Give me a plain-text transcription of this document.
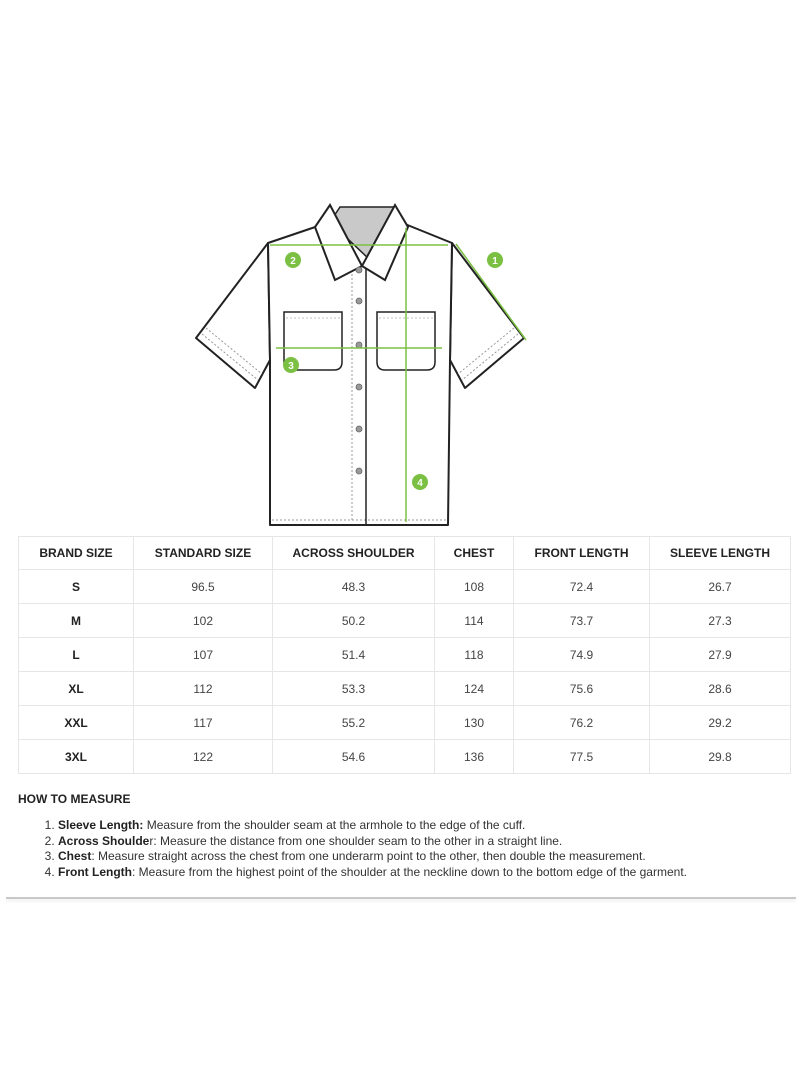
1
2
3
4
BRAND SIZE	STANDARD SIZE	ACROSS SHOULDER	CHEST	FRONT LENGTH	SLEEVE LENGTH
S	96.5	48.3	108	72.4	26.7
M	102	50.2	114	73.7	27.3
L	107	51.4	118	74.9	27.9
XL	112	53.3	124	75.6	28.6
XXL	117	55.2	130	76.2	29.2
3XL	122	54.6	136	77.5	29.8
HOW TO MEASURE
1. Sleeve Length: Measure from the shoulder seam at the armhole to the edge of the cuff.
2. Across Shoulder: Measure the distance from one shoulder seam to the other in a straight line.
3. Chest: Measure straight across the chest from one underarm point to the other, then double the measurement.
4. Front Length: Measure from the highest point of the shoulder at the neckline down to the bottom edge of the garment.
